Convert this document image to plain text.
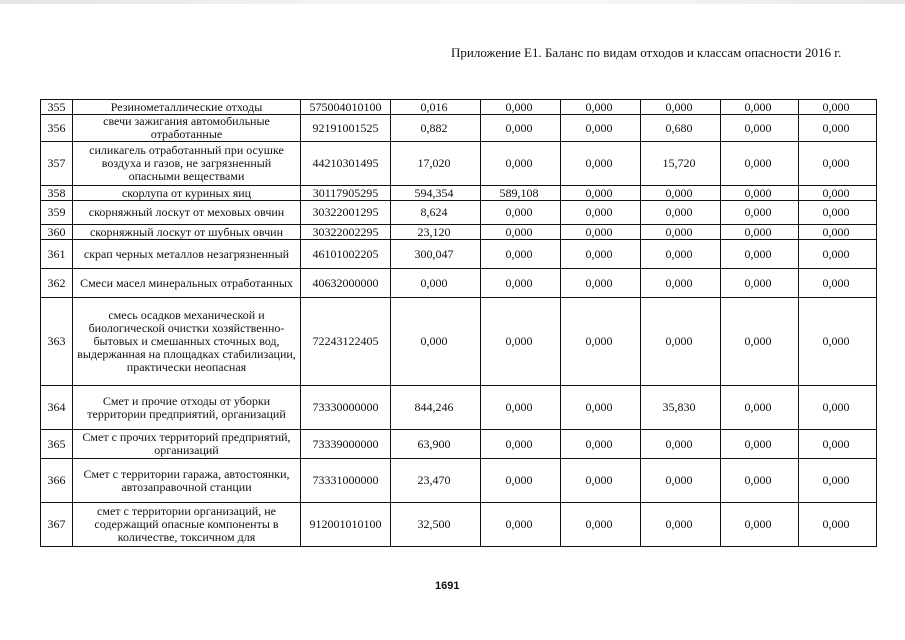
Приложение Е1. Баланс по видам отходов и классам опасности 2016 г.
355	Резинометаллические отходы	575004010100	0,016	0,000	0,000	0,000	0,000	0,000
356	свечи зажигания автомобильные отработанные	92191001525	0,882	0,000	0,000	0,680	0,000	0,000
357	силикагель отработанный при осушке воздуха и газов, не загрязненный опасными веществами	44210301495	17,020	0,000	0,000	15,720	0,000	0,000
358	скорлупа от куриных яиц	30117905295	594,354	589,108	0,000	0,000	0,000	0,000
359	скорняжный лоскут от меховых овчин	30322001295	8,624	0,000	0,000	0,000	0,000	0,000
360	скорняжный лоскут от шубных овчин	30322002295	23,120	0,000	0,000	0,000	0,000	0,000
361	скрап черных металлов незагрязненный	46101002205	300,047	0,000	0,000	0,000	0,000	0,000
362	Смеси масел минеральных отработанных	40632000000	0,000	0,000	0,000	0,000	0,000	0,000
363	смесь осадков механической и биологической очистки хозяйственно- бытовых и смешанных сточных вод, выдержанная на площадках стабилизации, практически неопасная	72243122405	0,000	0,000	0,000	0,000	0,000	0,000
364	Смет и прочие отходы от уборки территории предприятий, организаций	73330000000	844,246	0,000	0,000	35,830	0,000	0,000
365	Смет с прочих территорий предприятий, организаций	73339000000	63,900	0,000	0,000	0,000	0,000	0,000
366	Смет с территории гаража, автостоянки, автозаправочной станции	73331000000	23,470	0,000	0,000	0,000	0,000	0,000
367	смет с территории организаций, не содержащий опасные компоненты в количестве, токсичном для	912001010100	32,500	0,000	0,000	0,000	0,000	0,000
1691
